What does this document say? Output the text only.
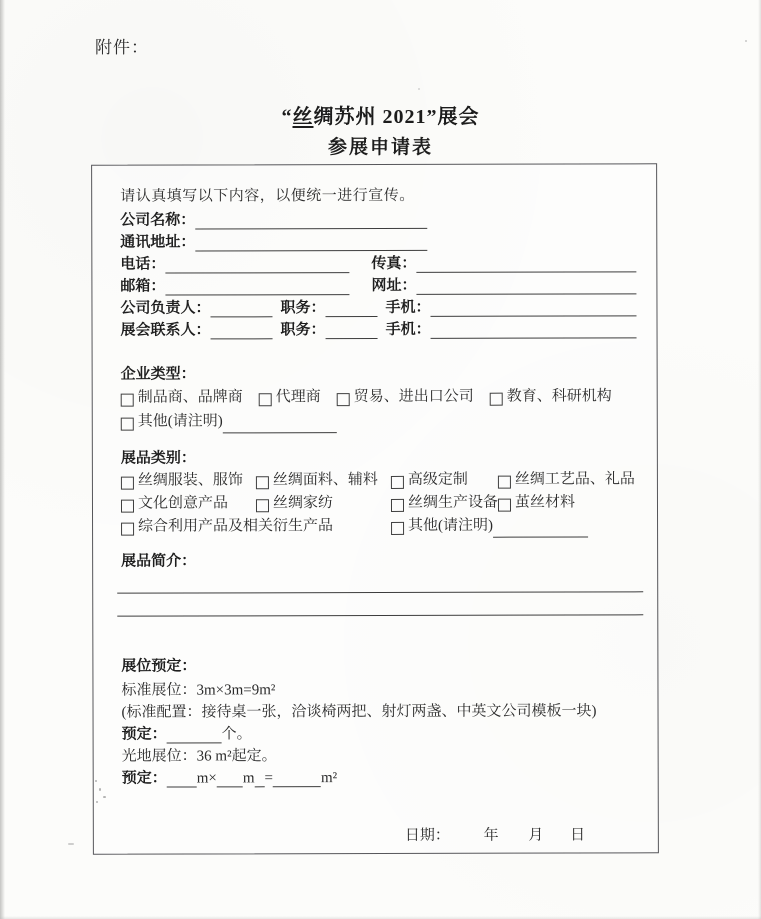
附件：
“丝绸苏州 2021”展会
参展申请表
请认真填写以下内容，以便统一进行宣传。
公司名称：
通讯地址：
电话：	传真：
邮箱：	网址：
公司负责人：	职务：	手机：
展会联系人：	职务：	手机：
企业类型：
制品商、品牌商 代理商 贸易、进出口公司 教育、科研机构
其他(请注明)
展品类别：
丝绸服装、服饰 丝绸面料、辅料 高级定制	丝绸工艺品、礼品
文化创意产品	丝绸家纺	丝绸生产设备 茧丝材料
综合利用产品及相关衍生产品	其他(请注明)
展品简介：
展位预定：
标准展位： 3m×3m=9m²
(标准配置：接待桌一张，洽谈椅两把、射灯两盏、中英文公司模板一块)
预定：	个。
光地展位： 36 m²起定。
预定： m× m =	m²
日期： 年 月 日
